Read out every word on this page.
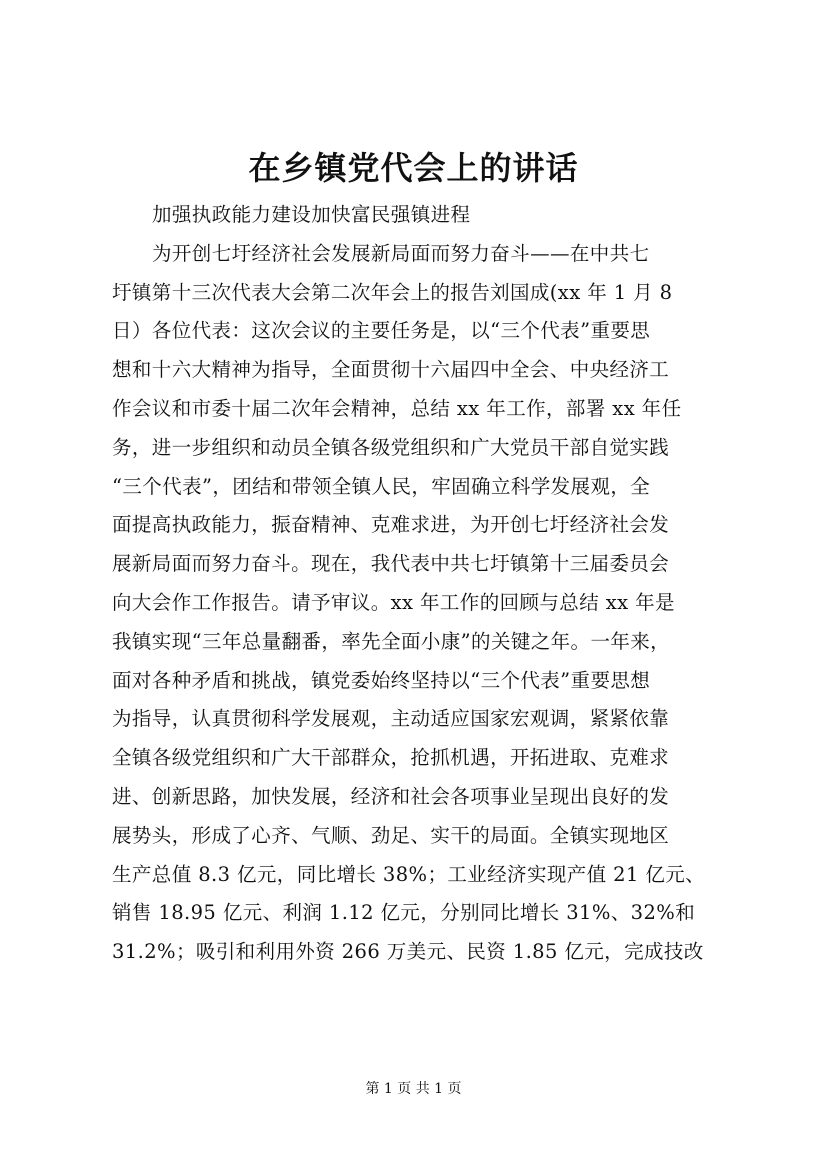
在乡镇党代会上的讲话
加强执政能力建设加快富民强镇进程
为开创七圩经济社会发展新局面而努力奋斗——在中共七
圩镇第十三次代表大会第二次年会上的报告刘国成(xx 年 1 月 8
日）各位代表：这次会议的主要任务是，以“三个代表”重要思
想和十六大精神为指导，全面贯彻十六届四中全会、中央经济工
作会议和市委十届二次年会精神，总结 xx 年工作，部署 xx 年任
务，进一步组织和动员全镇各级党组织和广大党员干部自觉实践
“三个代表”，团结和带领全镇人民，牢固确立科学发展观，全
面提高执政能力，振奋精神、克难求进，为开创七圩经济社会发
展新局面而努力奋斗。现在，我代表中共七圩镇第十三届委员会
向大会作工作报告。请予审议。xx 年工作的回顾与总结 xx 年是
我镇实现“三年总量翻番，率先全面小康”的关键之年。一年来，
面对各种矛盾和挑战，镇党委始终坚持以“三个代表”重要思想
为指导，认真贯彻科学发展观，主动适应国家宏观调，紧紧依靠
全镇各级党组织和广大干部群众，抢抓机遇，开拓进取、克难求
进、创新思路，加快发展，经济和社会各项事业呈现出良好的发
展势头，形成了心齐、气顺、劲足、实干的局面。全镇实现地区
生产总值 8.3 亿元，同比增长 38%；工业经济实现产值 21 亿元、
销售 18.95 亿元、利润 1.12 亿元，分别同比增长 31%、32%和
31.2%；吸引和利用外资 266 万美元、民资 1.85 亿元，完成技改
第 1 页 共 1 页
